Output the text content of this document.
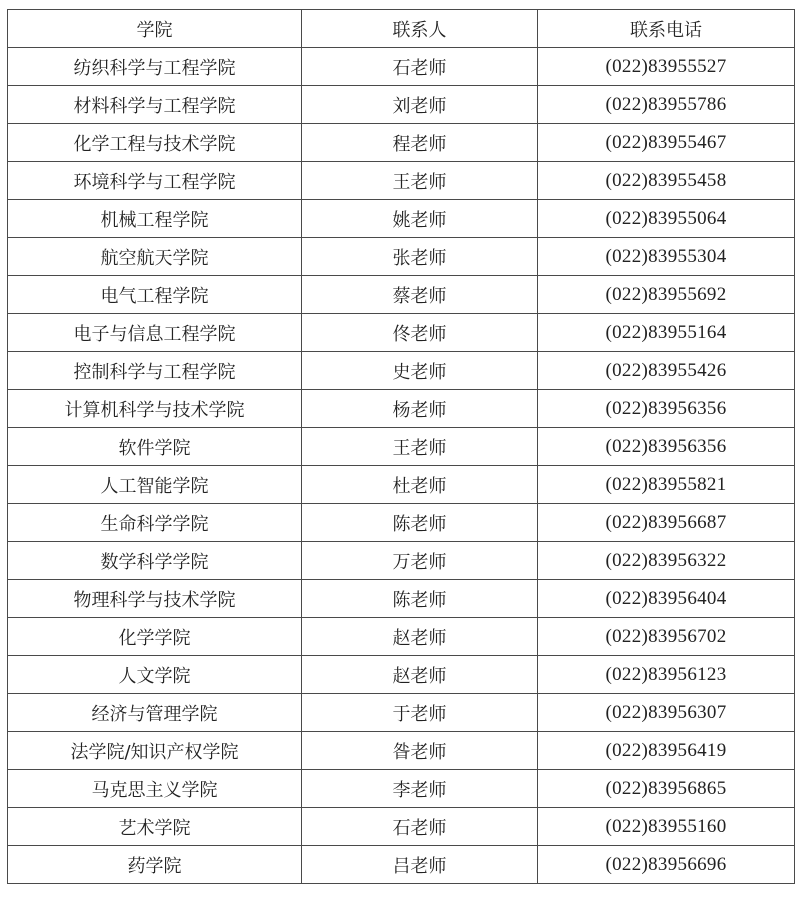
学院	联系人	联系电话
纺织科学与工程学院	石老师	(022)83955527
材料科学与工程学院	刘老师	(022)83955786
化学工程与技术学院	程老师	(022)83955467
环境科学与工程学院	王老师	(022)83955458
机械工程学院	姚老师	(022)83955064
航空航天学院	张老师	(022)83955304
电气工程学院	蔡老师	(022)83955692
电子与信息工程学院	佟老师	(022)83955164
控制科学与工程学院	史老师	(022)83955426
计算机科学与技术学院	杨老师	(022)83956356
软件学院	王老师	(022)83956356
人工智能学院	杜老师	(022)83955821
生命科学学院	陈老师	(022)83956687
数学科学学院	万老师	(022)83956322
物理科学与技术学院	陈老师	(022)83956404
化学学院	赵老师	(022)83956702
人文学院	赵老师	(022)83956123
经济与管理学院	于老师	(022)83956307
法学院/知识产权学院	昝老师	(022)83956419
马克思主义学院	李老师	(022)83956865
艺术学院	石老师	(022)83955160
药学院	吕老师	(022)83956696
